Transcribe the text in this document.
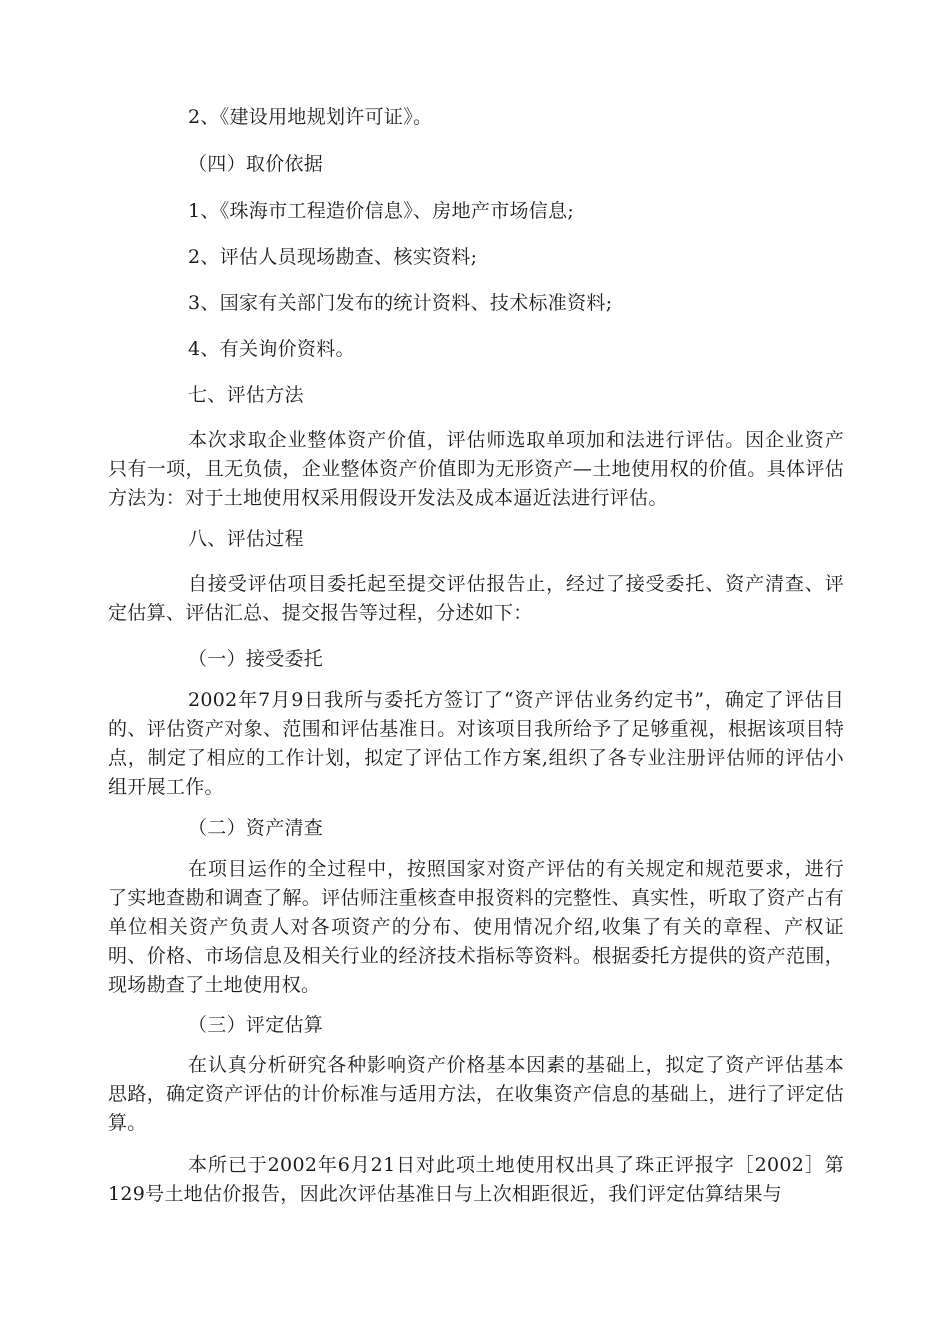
2、《建设用地规划许可证》。
（四）取价依据
1、《珠海市工程造价信息》、房地产市场信息;
2、评估人员现场勘查、核实资料;
3、国家有关部门发布的统计资料、技术标准资料;
4、有关询价资料。
七、评估方法
本次求取企业整体资产价值，评估师选取单项加和法进行评估。因企业资产只有一项，且无负债，企业整体资产价值即为无形资产—土地使用权的价值。具体评估方法为：对于土地使用权采用假设开发法及成本逼近法进行评估。
八、评估过程
自接受评估项目委托起至提交评估报告止，经过了接受委托、资产清查、评定估算、评估汇总、提交报告等过程，分述如下：
（一）接受委托
2002年7月9日我所与委托方签订了“资产评估业务约定书”，确定了评估目的、评估资产对象、范围和评估基准日。对该项目我所给予了足够重视，根据该项目特点，制定了相应的工作计划，拟定了评估工作方案,组织了各专业注册评估师的评估小组开展工作。
（二）资产清查
在项目运作的全过程中，按照国家对资产评估的有关规定和规范要求，进行了实地查勘和调查了解。评估师注重核查申报资料的完整性、真实性，听取了资产占有单位相关资产负责人对各项资产的分布、使用情况介绍,收集了有关的章程、产权证明、价格、市场信息及相关行业的经济技术指标等资料。根据委托方提供的资产范围，现场勘查了土地使用权。
（三）评定估算
在认真分析研究各种影响资产价格基本因素的基础上，拟定了资产评估基本思路，确定资产评估的计价标准与适用方法，在收集资产信息的基础上，进行了评定估算。
本所已于2002年6月21日对此项土地使用权出具了珠正评报字［2002］第129号土地估价报告，因此次评估基准日与上次相距很近，我们评定估算结果与
